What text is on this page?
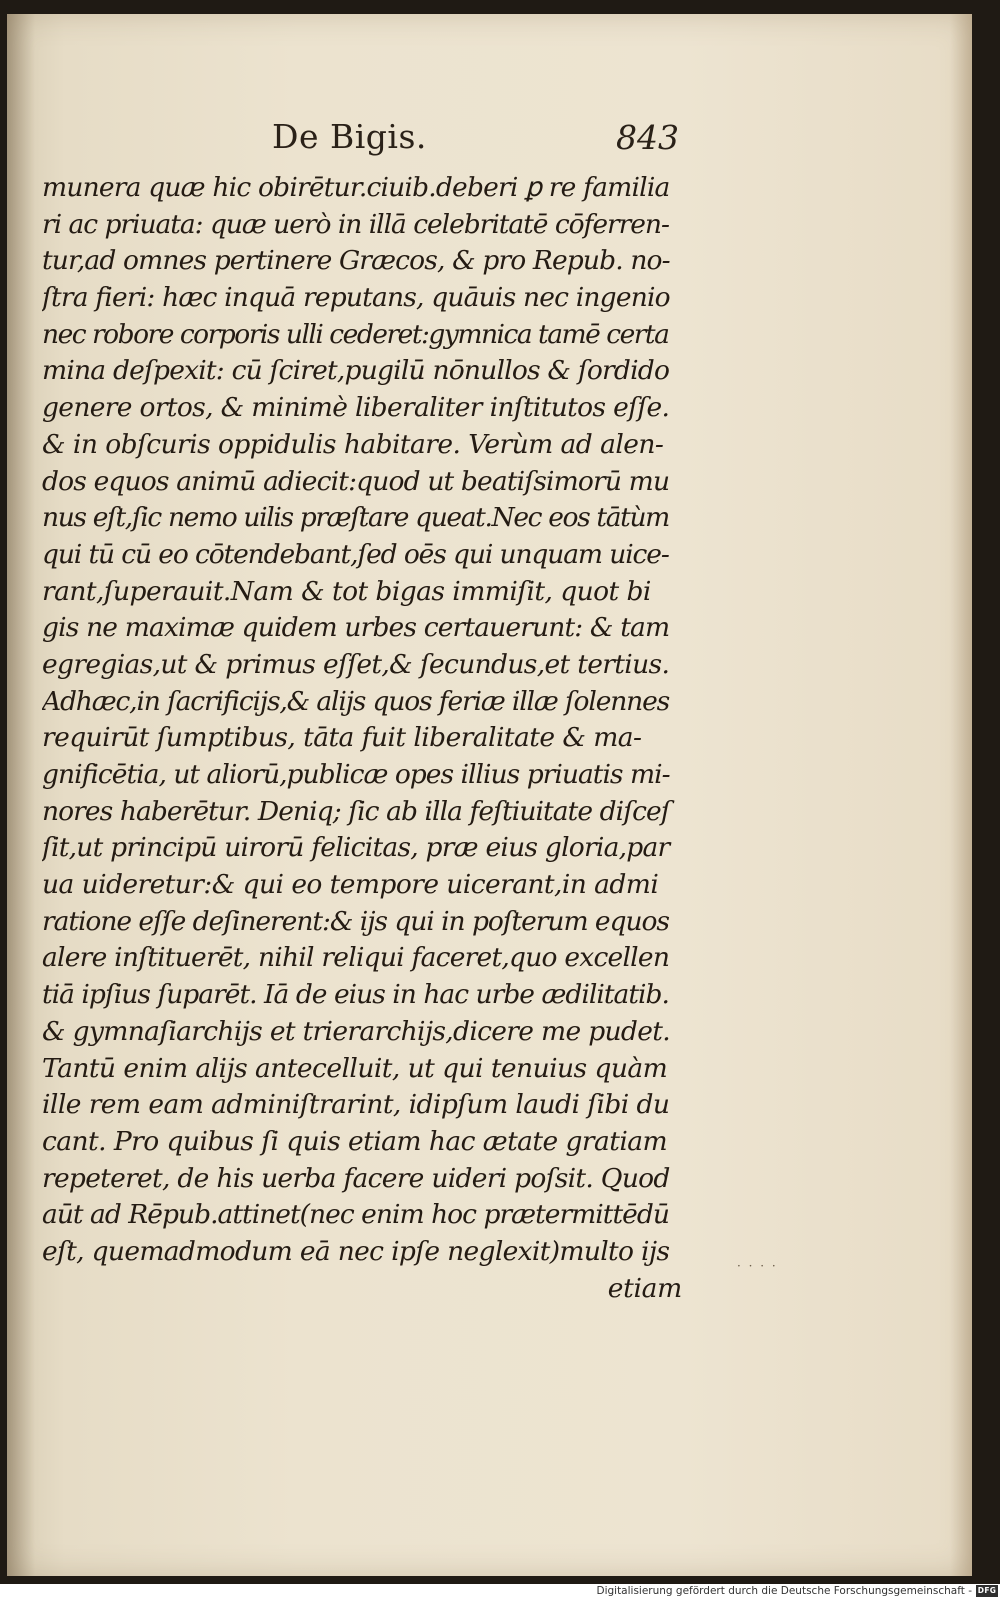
De Bigis.	843
munera quæ hic obirētur.ciuib.deberi ꝑ re familia
ri ac priuata: quæ uerò in illā celebritatē cōferren-
tur,ad omnes pertinere Græcos, & pro Repub. no-
ſtra fieri: hæc inquā reputans, quāuis nec ingenio
nec robore corporis ulli cederet:gymnica tamē certa
mina deſpexit: cū ſciret,pugilū nōnullos & ſordido
genere ortos, & minimè liberaliter inſtitutos eſſe.
& in obſcuris oppidulis habitare. Verùm ad alen-
dos equos animū adiecit:quod ut beatiſsimorū mu
nus eſt,ſic nemo uilis præſtare queat.Nec eos tātùm
qui tū cū eo cōtendebant,ſed oēs qui unquam uice-
rant,ſuperauit.Nam & tot bigas immiſit, quot bi
gis ne maximæ quidem urbes certauerunt: & tam
egregias,ut & primus eſſet,& ſecundus,et tertius.
Adhæc,in ſacrificijs,& alijs quos feriæ illæ ſolennes
requirūt ſumptibus, tāta fuit liberalitate & ma-
gnificētia, ut aliorū,publicæ opes illius priuatis mi-
nores haberētur. Deniq; ſic ab illa feſtiuitate diſceſ
ſit,ut principū uirorū felicitas, præ eius gloria,par
ua uideretur:& qui eo tempore uicerant,in admi
ratione eſſe deſinerent:& ijs qui in poſterum equos
alere inſtituerēt, nihil reliqui faceret,quo excellen
tiā ipſius ſuparēt. Iā de eius in hac urbe ædilitatib.
& gymnaſiarchijs et trierarchijs,dicere me pudet.
Tantū enim alijs antecelluit, ut qui tenuius quàm
ille rem eam adminiſtrarint, idipſum laudi ſibi du
cant. Pro quibus ſi quis etiam hac ætate gratiam
repeteret, de his uerba facere uideri poſsit. Quod
aūt ad Rēpub.attinet(nec enim hoc prætermittēdū
eſt, quemadmodum eā nec ipſe neglexit)multo ijs
etiam
· · · ·
Digitalisierung gefördert durch die Deutsche Forschungsgemeinschaft - DFG
